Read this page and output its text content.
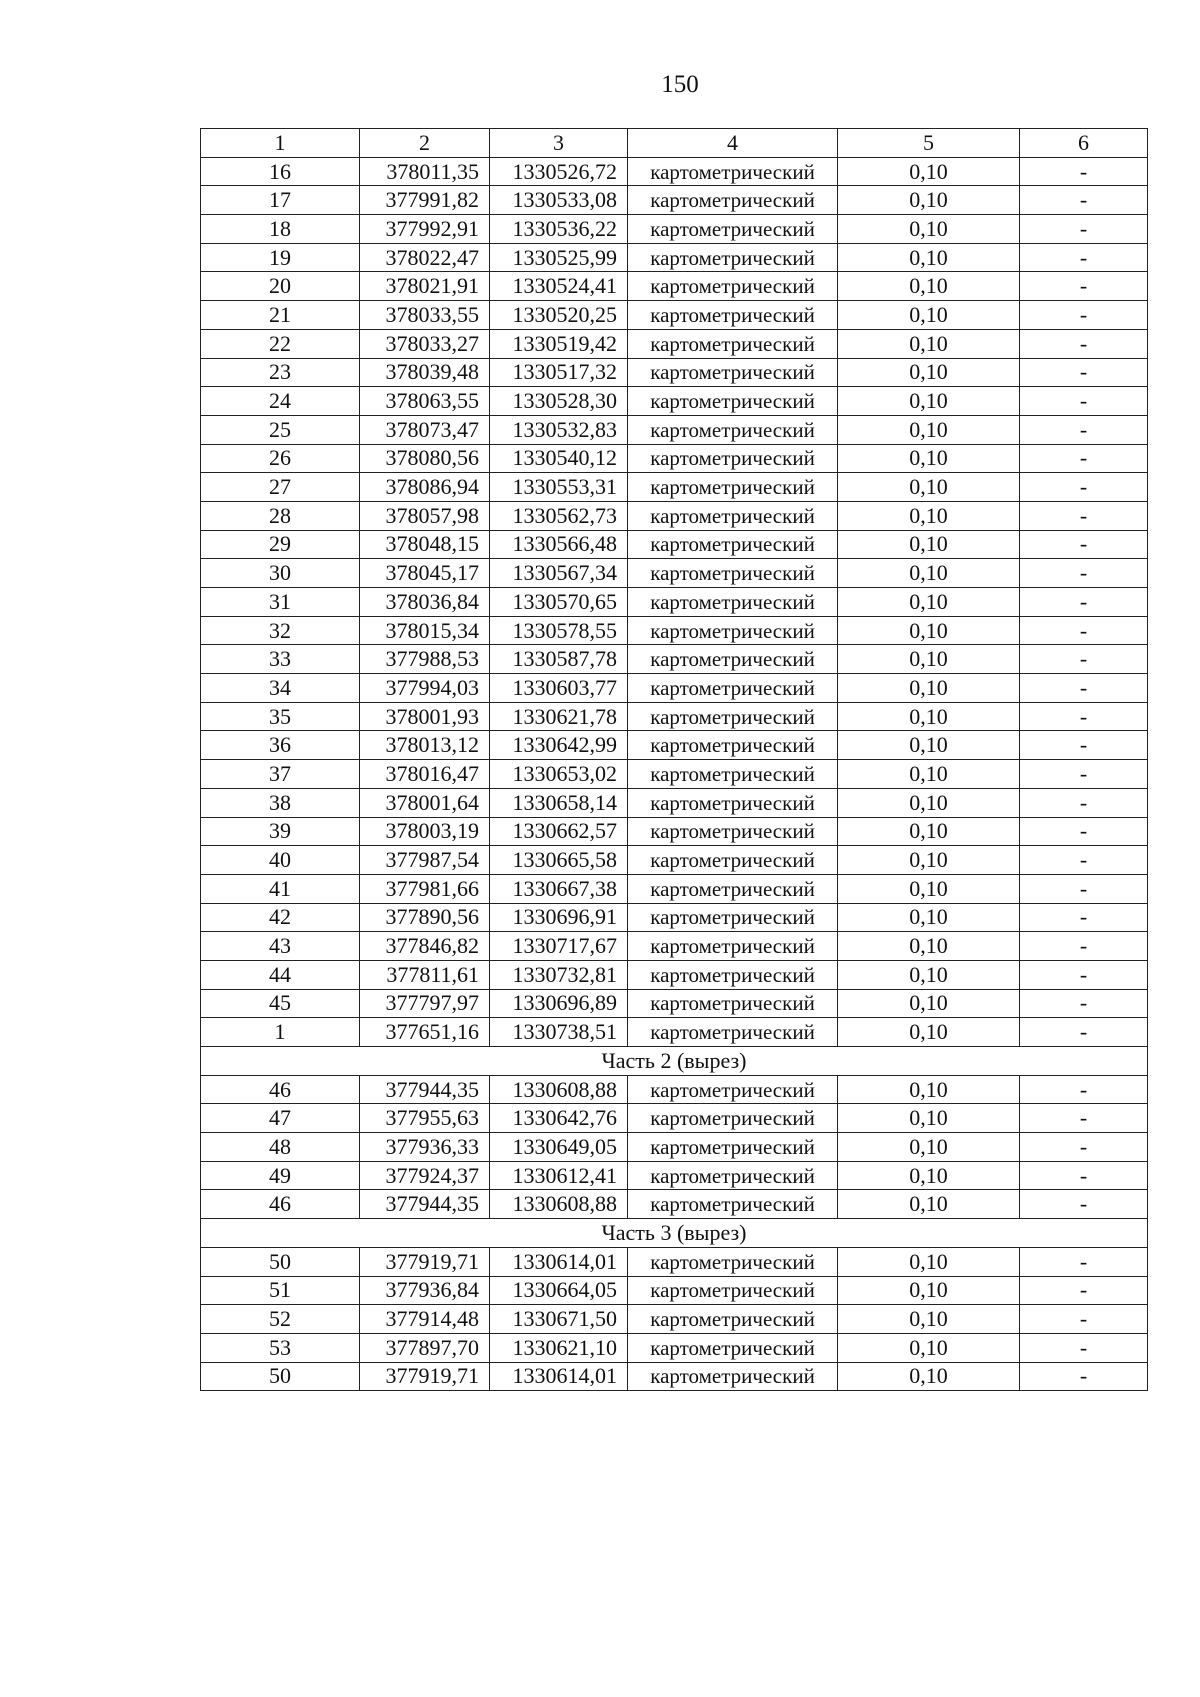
150
1	2	3	4	5	6
16	378011,35	1330526,72	картометрический	0,10	-
17	377991,82	1330533,08	картометрический	0,10	-
18	377992,91	1330536,22	картометрический	0,10	-
19	378022,47	1330525,99	картометрический	0,10	-
20	378021,91	1330524,41	картометрический	0,10	-
21	378033,55	1330520,25	картометрический	0,10	-
22	378033,27	1330519,42	картометрический	0,10	-
23	378039,48	1330517,32	картометрический	0,10	-
24	378063,55	1330528,30	картометрический	0,10	-
25	378073,47	1330532,83	картометрический	0,10	-
26	378080,56	1330540,12	картометрический	0,10	-
27	378086,94	1330553,31	картометрический	0,10	-
28	378057,98	1330562,73	картометрический	0,10	-
29	378048,15	1330566,48	картометрический	0,10	-
30	378045,17	1330567,34	картометрический	0,10	-
31	378036,84	1330570,65	картометрический	0,10	-
32	378015,34	1330578,55	картометрический	0,10	-
33	377988,53	1330587,78	картометрический	0,10	-
34	377994,03	1330603,77	картометрический	0,10	-
35	378001,93	1330621,78	картометрический	0,10	-
36	378013,12	1330642,99	картометрический	0,10	-
37	378016,47	1330653,02	картометрический	0,10	-
38	378001,64	1330658,14	картометрический	0,10	-
39	378003,19	1330662,57	картометрический	0,10	-
40	377987,54	1330665,58	картометрический	0,10	-
41	377981,66	1330667,38	картометрический	0,10	-
42	377890,56	1330696,91	картометрический	0,10	-
43	377846,82	1330717,67	картометрический	0,10	-
44	377811,61	1330732,81	картометрический	0,10	-
45	377797,97	1330696,89	картометрический	0,10	-
1	377651,16	1330738,51	картометрический	0,10	-
Часть 2 (вырез)					
46	377944,35	1330608,88	картометрический	0,10	-
47	377955,63	1330642,76	картометрический	0,10	-
48	377936,33	1330649,05	картометрический	0,10	-
49	377924,37	1330612,41	картометрический	0,10	-
46	377944,35	1330608,88	картометрический	0,10	-
Часть 3 (вырез)					
50	377919,71	1330614,01	картометрический	0,10	-
51	377936,84	1330664,05	картометрический	0,10	-
52	377914,48	1330671,50	картометрический	0,10	-
53	377897,70	1330621,10	картометрический	0,10	-
50	377919,71	1330614,01	картометрический	0,10	-
